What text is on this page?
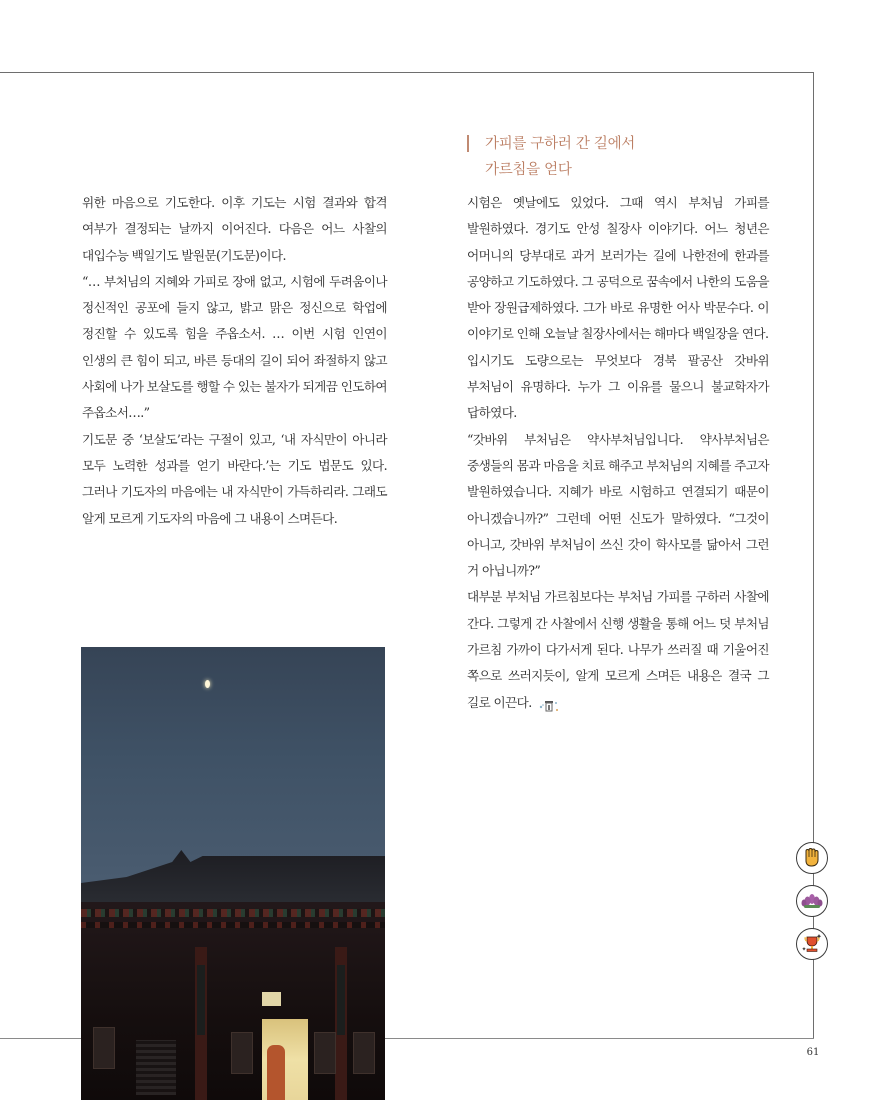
위한 마음으로 기도한다. 이후 기도는 시험 결과와 합격 여부가 결정되는 날까지 이어진다. 다음은 어느 사찰의 대입수능 백일기도 발원문(기도문)이다.

“… 부처님의 지혜와 가피로 장애 없고, 시험에 두려움이나 정신적인 공포에 들지 않고, 밝고 맑은 정신으로 학업에 정진할 수 있도록 힘을 주옵소서. … 이번 시험 인연이 인생의 큰 힘이 되고, 바른 등대의 길이 되어 좌절하지 않고 사회에 나가 보살도를 행할 수 있는 불자가 되게끔 인도하여 주옵소서….”

기도문 중 ‘보살도’라는 구절이 있고, ‘내 자식만이 아니라 모두 노력한 성과를 얻기 바란다.’는 기도 법문도 있다. 그러나 기도자의 마음에는 내 자식만이 가득하리라. 그래도 알게 모르게 기도자의 마음에 그 내용이 스며든다.

가피를 구하러 간 길에서
가르침을 얻다

시험은 옛날에도 있었다. 그때 역시 부처님 가피를 발원하였다. 경기도 안성 칠장사 이야기다. 어느 청년은 어머니의 당부대로 과거 보러가는 길에 나한전에 한과를 공양하고 기도하였다. 그 공덕으로 꿈속에서 나한의 도움을 받아 장원급제하였다. 그가 바로 유명한 어사 박문수다. 이 이야기로 인해 오늘날 칠장사에서는 해마다 백일장을 연다.

입시기도 도량으로는 무엇보다 경북 팔공산 갓바위 부처님이 유명하다. 누가 그 이유를 물으니 불교학자가 답하였다.

“갓바위 부처님은 약사부처님입니다. 약사부처님은 중생들의 몸과 마음을 치료 해주고 부처님의 지혜를 주고자 발원하였습니다. 지혜가 바로 시험하고 연결되기 때문이 아니겠습니까?” 그런데 어떤 신도가 말하였다. “그것이 아니고, 갓바위 부처님이 쓰신 갓이 학사모를 닮아서 그런 거 아닙니까?”

대부분 부처님 가르침보다는 부처님 가피를 구하러 사찰에 간다. 그렇게 간 사찰에서 신행 생활을 통해 어느 덧 부처님 가르침 가까이 다가서게 된다. 나무가 쓰러질 때 기울어진 쪽으로 쓰러지듯이, 알게 모르게 스며든 내용은 결국 그 길로 이끈다.

61
